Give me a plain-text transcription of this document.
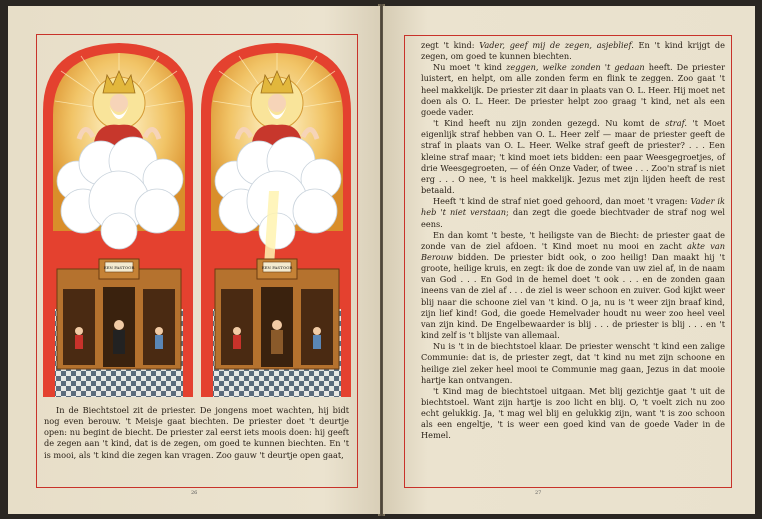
EEN PASTOOR	EEN PASTOOR

In de Biechtstoel zit de priester. De jongens moet wachten, hij bidt nog even berouw. 't Meisje gaat biechten. De priester doet 't deurtje open: nu begint de biecht. De priester zal eerst iets moois doen: hij geeft de zegen aan 't kind, dat is de zegen, om goed te kunnen biechten. En 't is mooi, als 't kind die zegen kan vragen. Zoo gauw 't deurtje open gaat,

26

zegt 't kind: Vader, geef mij de zegen, asjeblief. En 't kind krijgt de zegen, om goed te kunnen biechten.

Nu moet 't kind zeggen, welke zonden 't gedaan heeft. De priester luistert, en helpt, om alle zonden ferm en flink te zeggen. Zoo gaat 't heel makkelijk. De priester zit daar in plaats van O. L. Heer. Hij moet net doen als O. L. Heer. De priester helpt zoo graag 't kind, net als een goede vader.

't Kind heeft nu zijn zonden gezegd. Nu komt de straf. 't Moet eigenlijk straf hebben van O. L. Heer zelf — maar de priester geeft de straf in plaats van O. L. Heer. Welke straf geeft de priester? . . . Een kleine straf maar; 't kind moet iets bidden: een paar Weesgegroetjes, of drie Weesgegroeten, — of één Onze Vader, of twee . . . Zoo'n straf is niet erg . . . O nee, 't is heel makkelijk. Jezus met zijn lijden heeft de rest betaald.

Heeft 't kind de straf niet goed gehoord, dan moet 't vragen: Vader ik heb 't niet verstaan; dan zegt die goede biechtvader de straf nog wel eens.

En dan komt 't beste, 't heiligste van de Biecht: de priester gaat de zonde van de ziel afdoen. 't Kind moet nu mooi en zacht akte van Berouw bidden. De priester bidt ook, o zoo heilig! Dan maakt hij 't groote, heilige kruis, en zegt: ik doe de zonde van uw ziel af, in de naam van God . . . En God in de hemel doet 't ook . . . en de zonden gaan ineens van de ziel af . . . de ziel is weer schoon en zuiver. God kijkt weer blij naar die schoone ziel van 't kind. O ja, nu is 't weer zijn braaf kind, zijn lief kind! God, die goede Hemelvader houdt nu weer zoo heel veel van zijn kind. De Engelbewaarder is blij . . . de priester is blij . . . en 't kind zelf is 't blijste van allemaal.

Nu is 't in de biechtstoel klaar. De priester wenscht 't kind een zalige Communie: dat is, de priester zegt, dat 't kind nu met zijn schoone en heilige ziel zeker heel mooi te Communie mag gaan, Jezus in dat mooie hartje kan ontvangen.

't Kind mag de biechtstoel uitgaan. Met blij gezichtje gaat 't uit de biechtstoel. Want zijn hartje is zoo licht en blij. O, 't voelt zich nu zoo echt gelukkig. Ja, 't mag wel blij en gelukkig zijn, want 't is zoo schoon als een engeltje, 't is weer een goed kind van de goede Vader in de Hemel.

27
